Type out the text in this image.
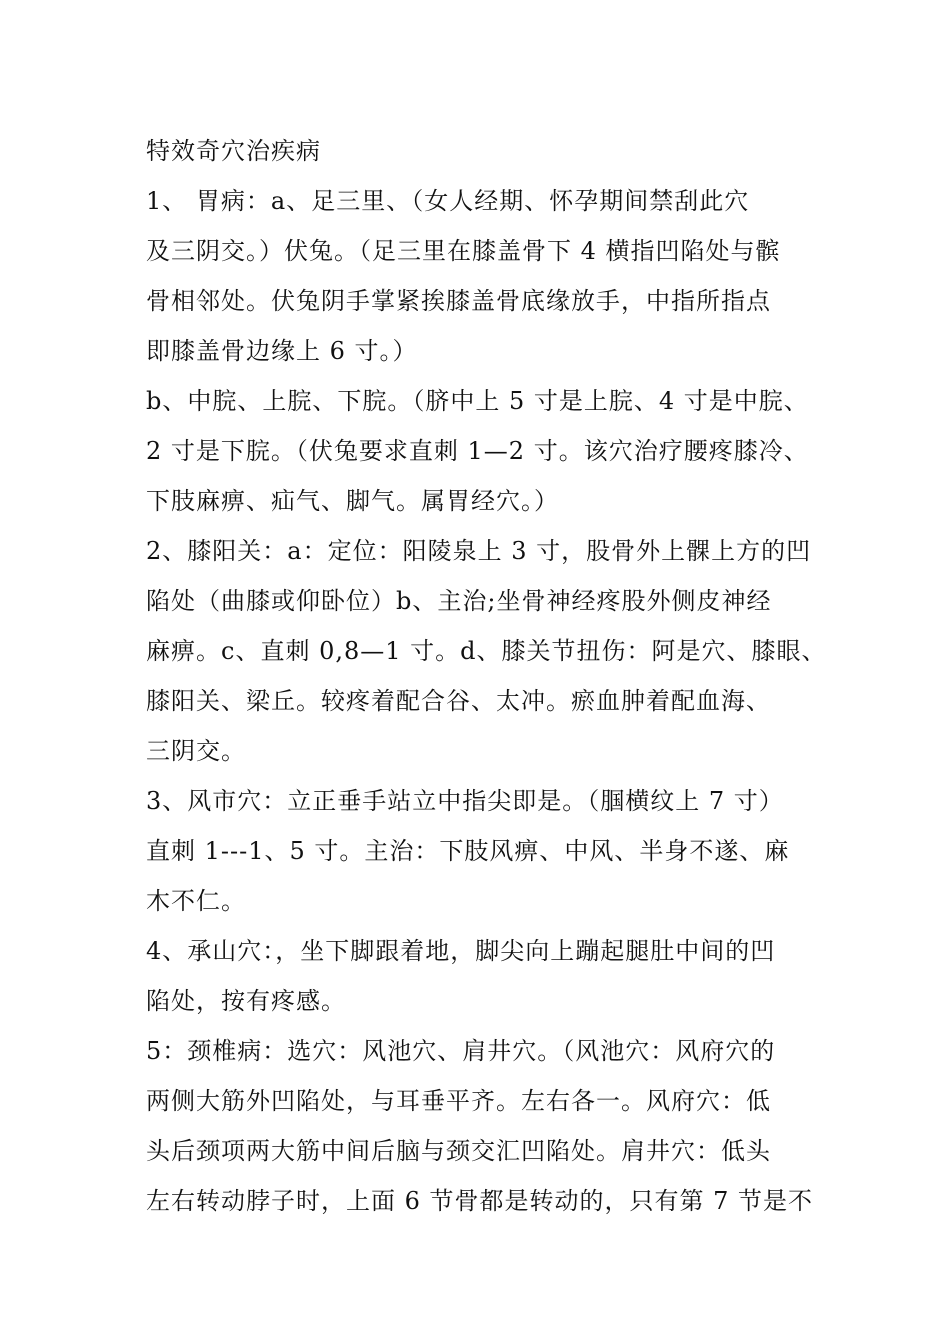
特效奇穴治疾病

1、 胃病：a、足三里、（女人经期、怀孕期间禁刮此穴
及三阴交。）伏兔。（足三里在膝盖骨下 4 横指凹陷处与髌
骨相邻处。伏兔阴手掌紧挨膝盖骨底缘放手，中指所指点
即膝盖骨边缘上 6 寸。）

b、中脘、上脘、下脘。（脐中上 5 寸是上脘、4 寸是中脘、
2 寸是下脘。（伏兔要求直刺 1—2 寸。该穴治疗腰疼膝冷、
下肢麻痹、疝气、脚气。属胃经穴。）

2、膝阳关：a：定位：阳陵泉上 3 寸，股骨外上髁上方的凹
陷处（曲膝或仰卧位）b、主治;坐骨神经疼股外侧皮神经
麻痹。c、直刺 0,8—1 寸。d、膝关节扭伤：阿是穴、膝眼、
膝阳关、梁丘。较疼着配合谷、太冲。瘀血肿着配血海、
三阴交。

3、风市穴：立正垂手站立中指尖即是。（腘横纹上 7 寸）
直刺 1---1、5 寸。主治：下肢风痹、中风、半身不遂、麻
木不仁。

4、承山穴：，坐下脚跟着地，脚尖向上蹦起腿肚中间的凹
陷处，按有疼感。

5：颈椎病：选穴：风池穴、肩井穴。（风池穴：风府穴的
两侧大筋外凹陷处，与耳垂平齐。左右各一。风府穴：低
头后颈项两大筋中间后脑与颈交汇凹陷处。肩井穴：低头
左右转动脖子时，上面 6 节骨都是转动的，只有第 7 节是不
